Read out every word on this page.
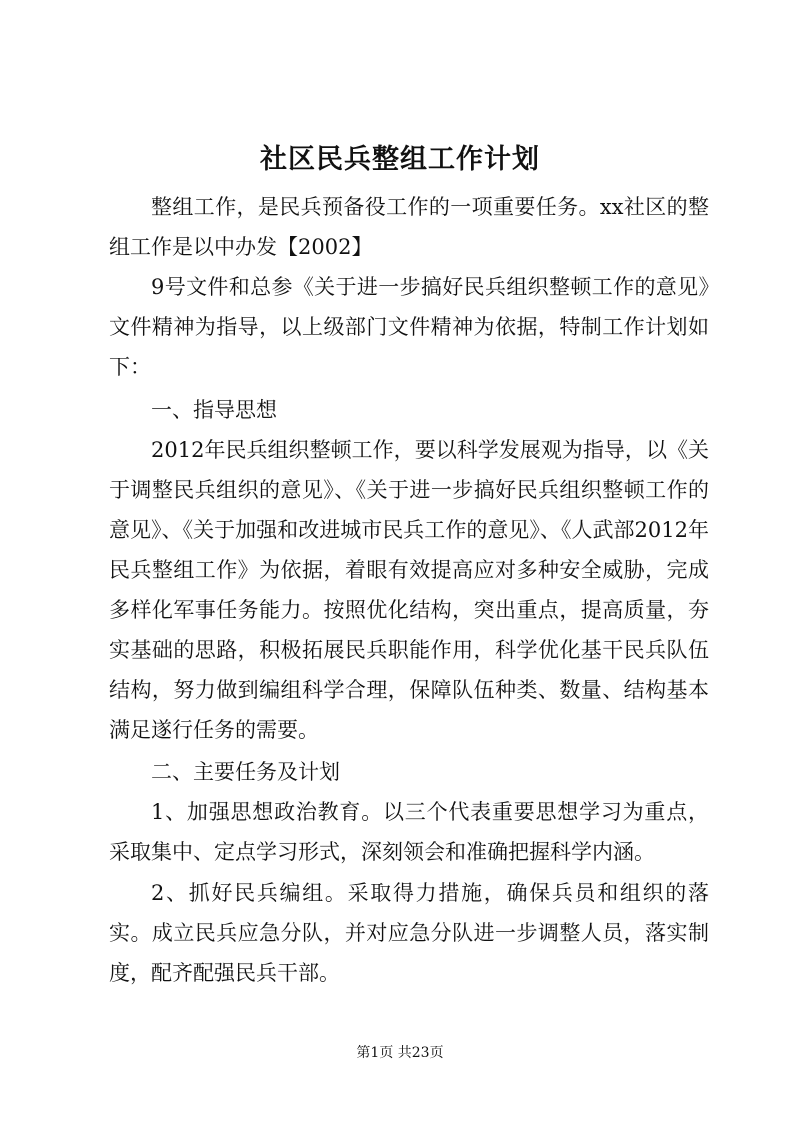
社区民兵整组工作计划
整组工作，是民兵预备役工作的一项重要任务。xx社区的整组工作是以中办发【2002】
9号文件和总参《关于进一步搞好民兵组织整顿工作的意见》文件精神为指导，以上级部门文件精神为依据，特制工作计划如下：
一、指导思想
2012年民兵组织整顿工作，要以科学发展观为指导，以《关于调整民兵组织的意见》、《关于进一步搞好民兵组织整顿工作的意见》、《关于加强和改进城市民兵工作的意见》、《人武部2012年民兵整组工作》为依据，着眼有效提高应对多种安全威胁，完成多样化军事任务能力。按照优化结构，突出重点，提高质量，夯实基础的思路，积极拓展民兵职能作用，科学优化基干民兵队伍结构，努力做到编组科学合理，保障队伍种类、数量、结构基本满足遂行任务的需要。
二、主要任务及计划
1、加强思想政治教育。以三个代表重要思想学习为重点，采取集中、定点学习形式，深刻领会和准确把握科学内涵。
2、抓好民兵编组。采取得力措施，确保兵员和组织的落实。成立民兵应急分队，并对应急分队进一步调整人员，落实制度，配齐配强民兵干部。
第1页 共23页
